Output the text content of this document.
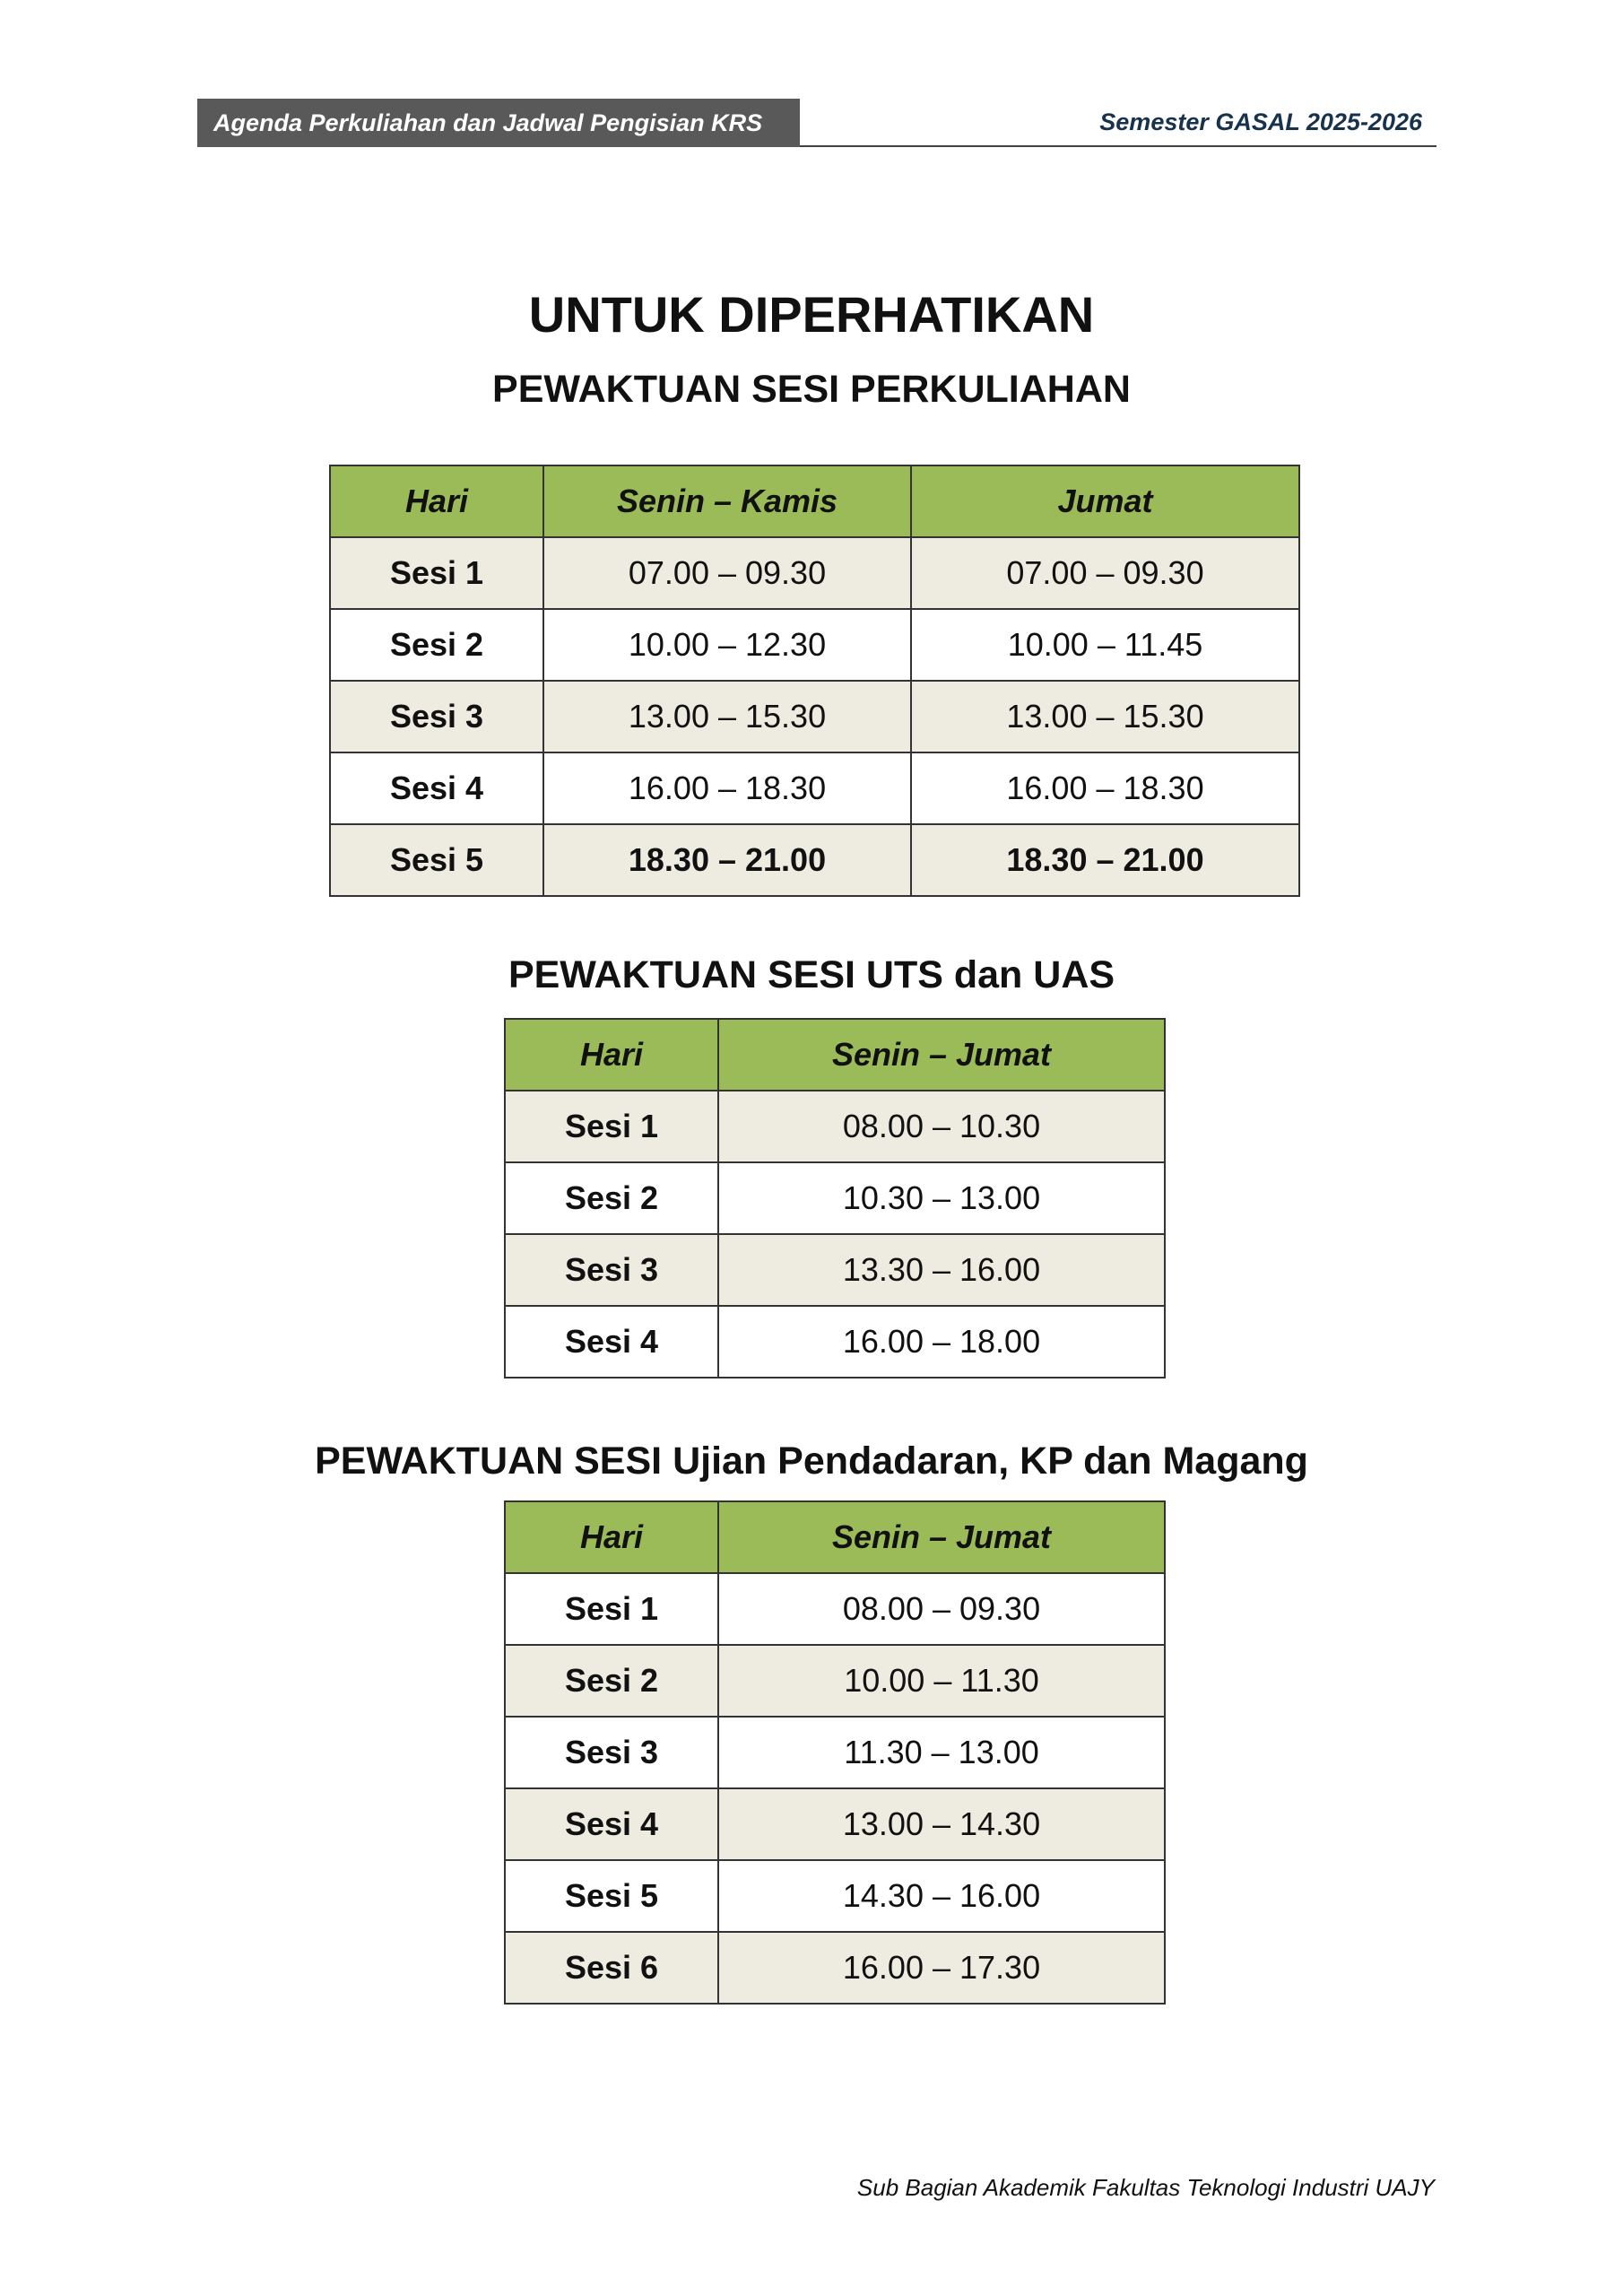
Agenda Perkuliahan dan Jadwal Pengisian KRS	Semester GASAL 2025-2026
UNTUK DIPERHATIKAN
PEWAKTUAN SESI PERKULIAHAN
Hari	Senin – Kamis	Jumat
Sesi 1	07.00 – 09.30	07.00 – 09.30
Sesi 2	10.00 – 12.30	10.00 – 11.45
Sesi 3	13.00 – 15.30	13.00 – 15.30
Sesi 4	16.00 – 18.30	16.00 – 18.30
Sesi 5	18.30 – 21.00	18.30 – 21.00
PEWAKTUAN SESI UTS dan UAS
Hari	Senin – Jumat
Sesi 1	08.00 – 10.30
Sesi 2	10.30 – 13.00
Sesi 3	13.30 – 16.00
Sesi 4	16.00 – 18.00
PEWAKTUAN SESI Ujian Pendadaran, KP dan Magang
Hari	Senin – Jumat
Sesi 1	08.00 – 09.30
Sesi 2	10.00 – 11.30
Sesi 3	11.30 – 13.00
Sesi 4	13.00 – 14.30
Sesi 5	14.30 – 16.00
Sesi 6	16.00 – 17.30
Sub Bagian Akademik Fakultas Teknologi Industri UAJY
